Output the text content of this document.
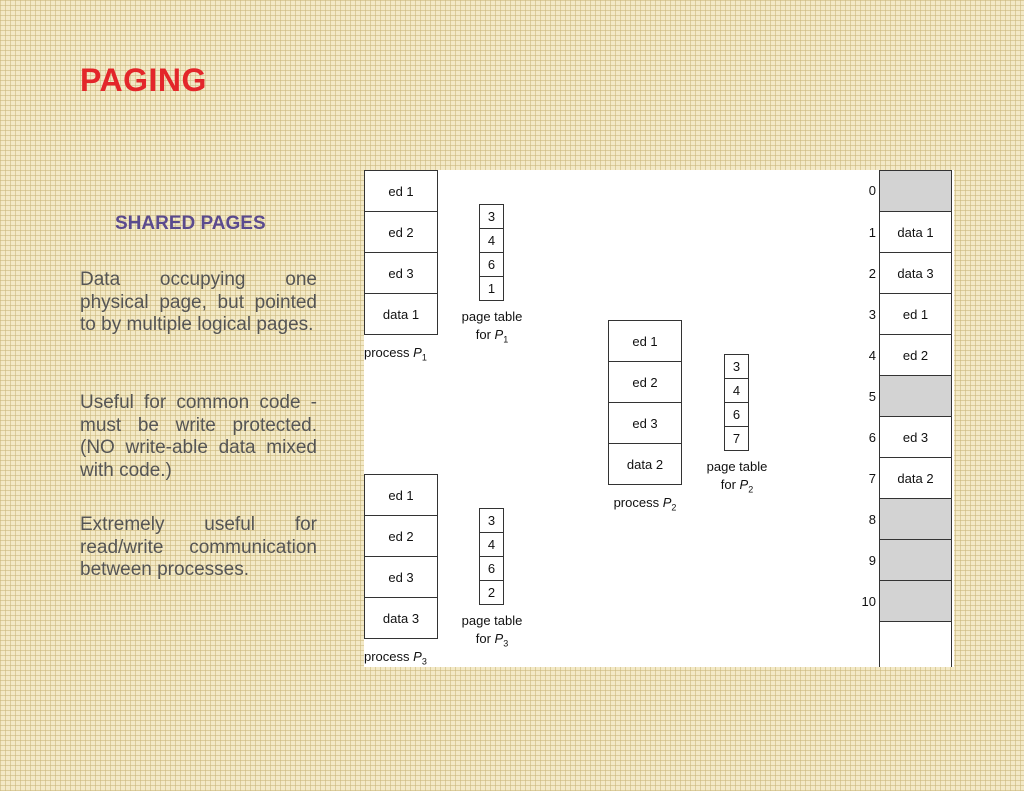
PAGING
SHARED PAGES

Data occupying one physical page, but pointed to by multiple logical pages.

Useful for common code - must be write protected. (NO write-able data mixed with code.)

Extremely useful for read/write communication between processes.

ed 1
ed 2
ed 3
data 1
process $P_1$
3
4
6
1
page table
for $P_1$	ed 1
ed 2
ed 3
data 2
process $P_2$
3
4
6
7
page table
for $P_2$
ed 1
ed 2
ed 3
data 3
process $P_3$
3
4
6
2
page table
for $P_3$
data 1
data 3
ed 1
ed 2
ed 3
data 2
0
1
2
3
4
5
6
7
8
9
10
